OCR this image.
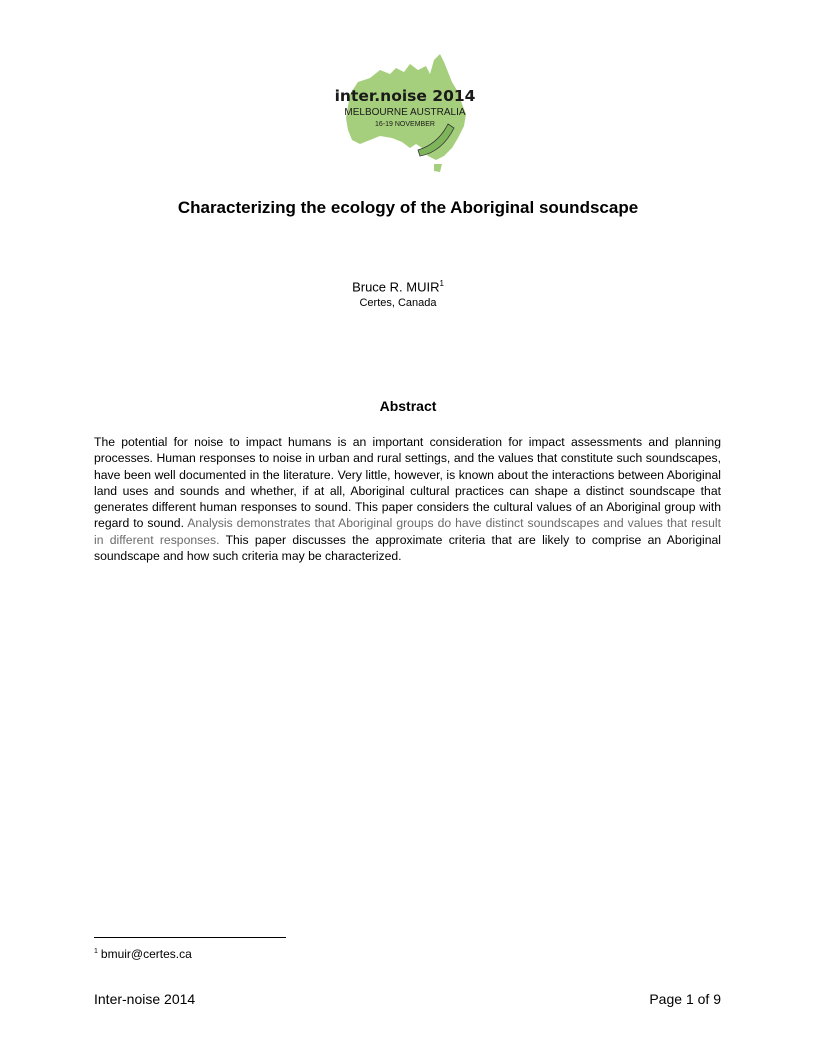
inter.noise 2014
MELBOURNE AUSTRALIA
16-19 NOVEMBER
Characterizing the ecology of the Aboriginal soundscape
Bruce R. MUIR$^1$
Certes, Canada
Abstract

The potential for noise to impact humans is an important consideration for impact assessments and planning processes. Human responses to noise in urban and rural settings, and the values that constitute such soundscapes, have been well documented in the literature. Very little, however, is known about the interactions between Aboriginal land uses and sounds and whether, if at all, Aboriginal cultural practices can shape a distinct soundscape that generates different human responses to sound. This paper considers the cultural values of an Aboriginal group with regard to sound. Analysis demonstrates that Aboriginal groups do have distinct soundscapes and values that result in different responses. This paper discusses the approximate criteria that are likely to comprise an Aboriginal soundscape and how such criteria may be characterized.

$^1$ bmuir@certes.ca
Inter-noise 2014	Page 1 of 9
